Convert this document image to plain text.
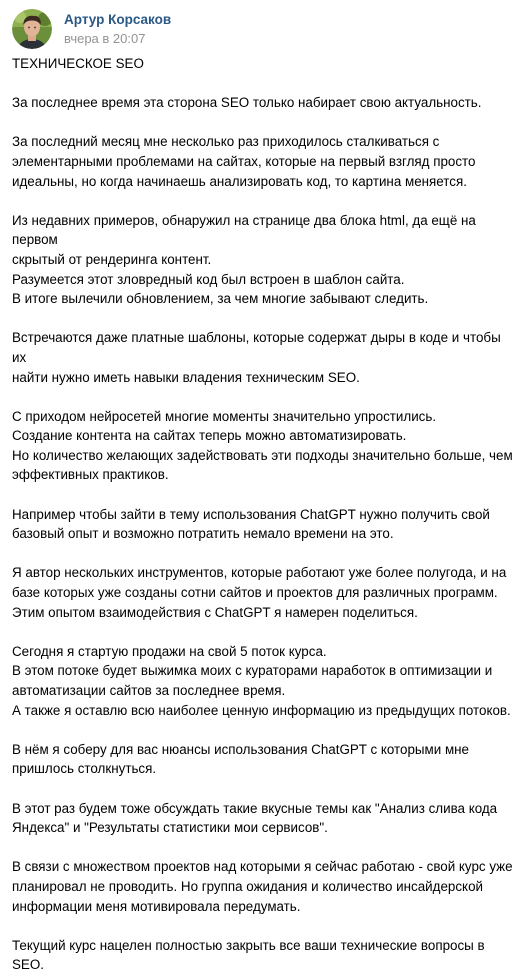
Артур Корсаков
вчера в 20:07

ТЕХНИЧЕСКОЕ SEO

За последнее время эта сторона SEO только набирает свою актуальность.

За последний месяц мне несколько раз приходилось сталкиваться с
элементарными проблемами на сайтах, которые на первый взгляд просто
идеальны, но когда начинаешь анализировать код, то картина меняется.

Из недавних примеров, обнаружил на странице два блока html, да ещё на первом
скрытый от рендеринга контент.
Разумеется этот зловредный код был встроен в шаблон сайта.
В итоге вылечили обновлением, за чем многие забывают следить.

Встречаются даже платные шаблоны, которые содержат дыры в коде и чтобы их
найти нужно иметь навыки владения техническим SEO.

С приходом нейросетей многие моменты значительно упростились.
Создание контента на сайтах теперь можно автоматизировать.
Но количество желающих задействовать эти подходы значительно больше, чем
эффективных практиков.

Например чтобы зайти в тему использования ChatGPT нужно получить свой
базовый опыт и возможно потратить немало времени на это.

Я автор нескольких инструментов, которые работают уже более полугода, и на
базе которых уже созданы сотни сайтов и проектов для различных программ.
Этим опытом взаимодействия с ChatGPT я намерен поделиться.

Сегодня я стартую продажи на свой 5 поток курса.
В этом потоке будет выжимка моих с кураторами наработок в оптимизации и
автоматизации сайтов за последнее время.
А также я оставлю всю наиболее ценную информацию из предыдущих потоков.

В нём я соберу для вас нюансы использования ChatGPT с которыми мне
пришлось столкнуться.

В этот раз будем тоже обсуждать такие вкусные темы как "Анализ слива кода
Яндекса" и "Результаты статистики мои сервисов".

В связи с множеством проектов над которыми я сейчас работаю - свой курс уже
планировал не проводить. Но группа ожидания и количество инсайдерской
информации меня мотивировала передумать.

Текущий курс нацелен полностью закрыть все ваши технические вопросы в SEO.
